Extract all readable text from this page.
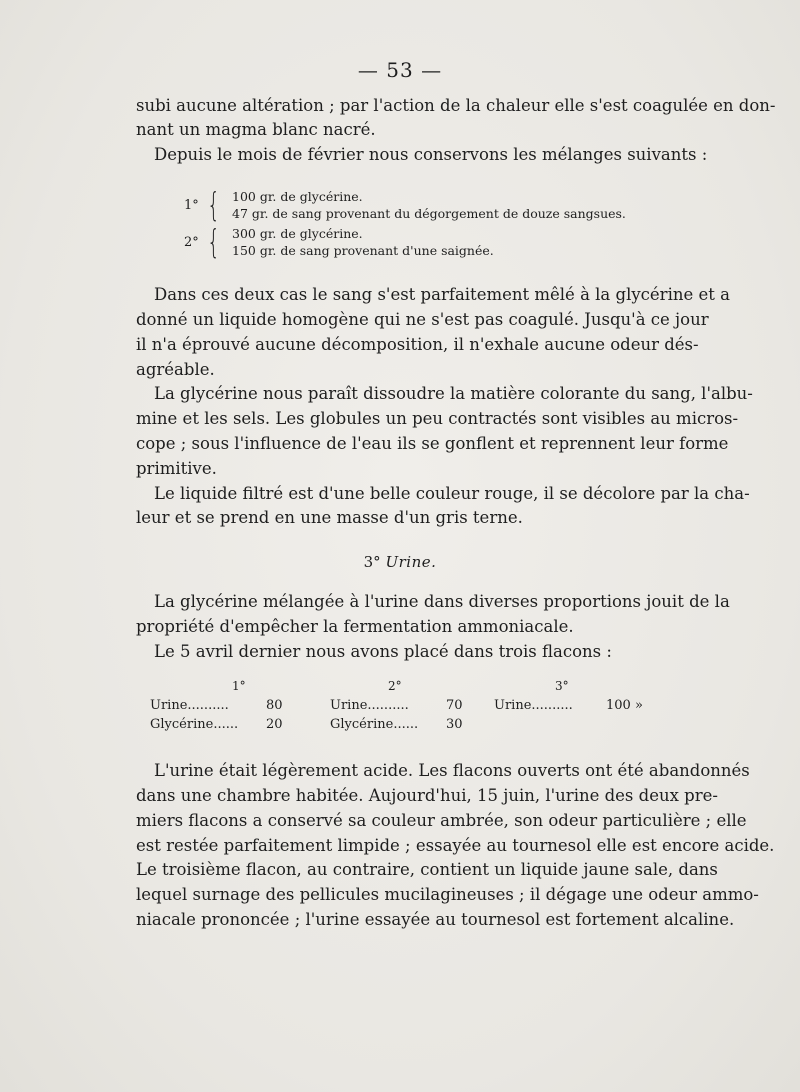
— 53 —

subi aucune altération ; par l'action de la chaleur elle s'est coagulée en don-

nant un magma blanc nacré.

Depuis le mois de février nous conservons les mélanges suivants :

1° { 100 gr. de glycérine.
47 gr. de sang provenant du dégorgement de douze sangsues.
2° { 300 gr. de glycérine.
150 gr. de sang provenant d'une saignée.

Dans ces deux cas le sang s'est parfaitement mêlé à la glycérine et a

donné un liquide homogène qui ne s'est pas coagulé. Jusqu'à ce jour

il n'a éprouvé aucune décomposition, il n'exhale aucune odeur dés-

agréable.

La glycérine nous paraît dissoudre la matière colorante du sang, l'albu-

mine et les sels. Les globules un peu contractés sont visibles au micros-

cope ; sous l'influence de l'eau ils se gonflent et reprennent leur forme

primitive.

Le liquide filtré est d'une belle couleur rouge, il se décolore par la cha-

leur et se prend en une masse d'un gris terne.

3° Urine.

La glycérine mélangée à l'urine dans diverses proportions jouit de la

propriété d'empêcher la fermentation ammoniacale.

Le 5 avril dernier nous avons placé dans trois flacons :

1°	2°	3°
Urine..........	80	Urine..........	70 Urine..........	100 »
Glycérine...... 20	Glycérine...... 30

L'urine était légèrement acide. Les flacons ouverts ont été abandonnés

dans une chambre habitée. Aujourd'hui, 15 juin, l'urine des deux pre-

miers flacons a conservé sa couleur ambrée, son odeur particulière ; elle

est restée parfaitement limpide ; essayée au tournesol elle est encore acide.

Le troisième flacon, au contraire, contient un liquide jaune sale, dans

lequel surnage des pellicules mucilagineuses ; il dégage une odeur ammo-

niacale prononcée ; l'urine essayée au tournesol est fortement alcaline.
